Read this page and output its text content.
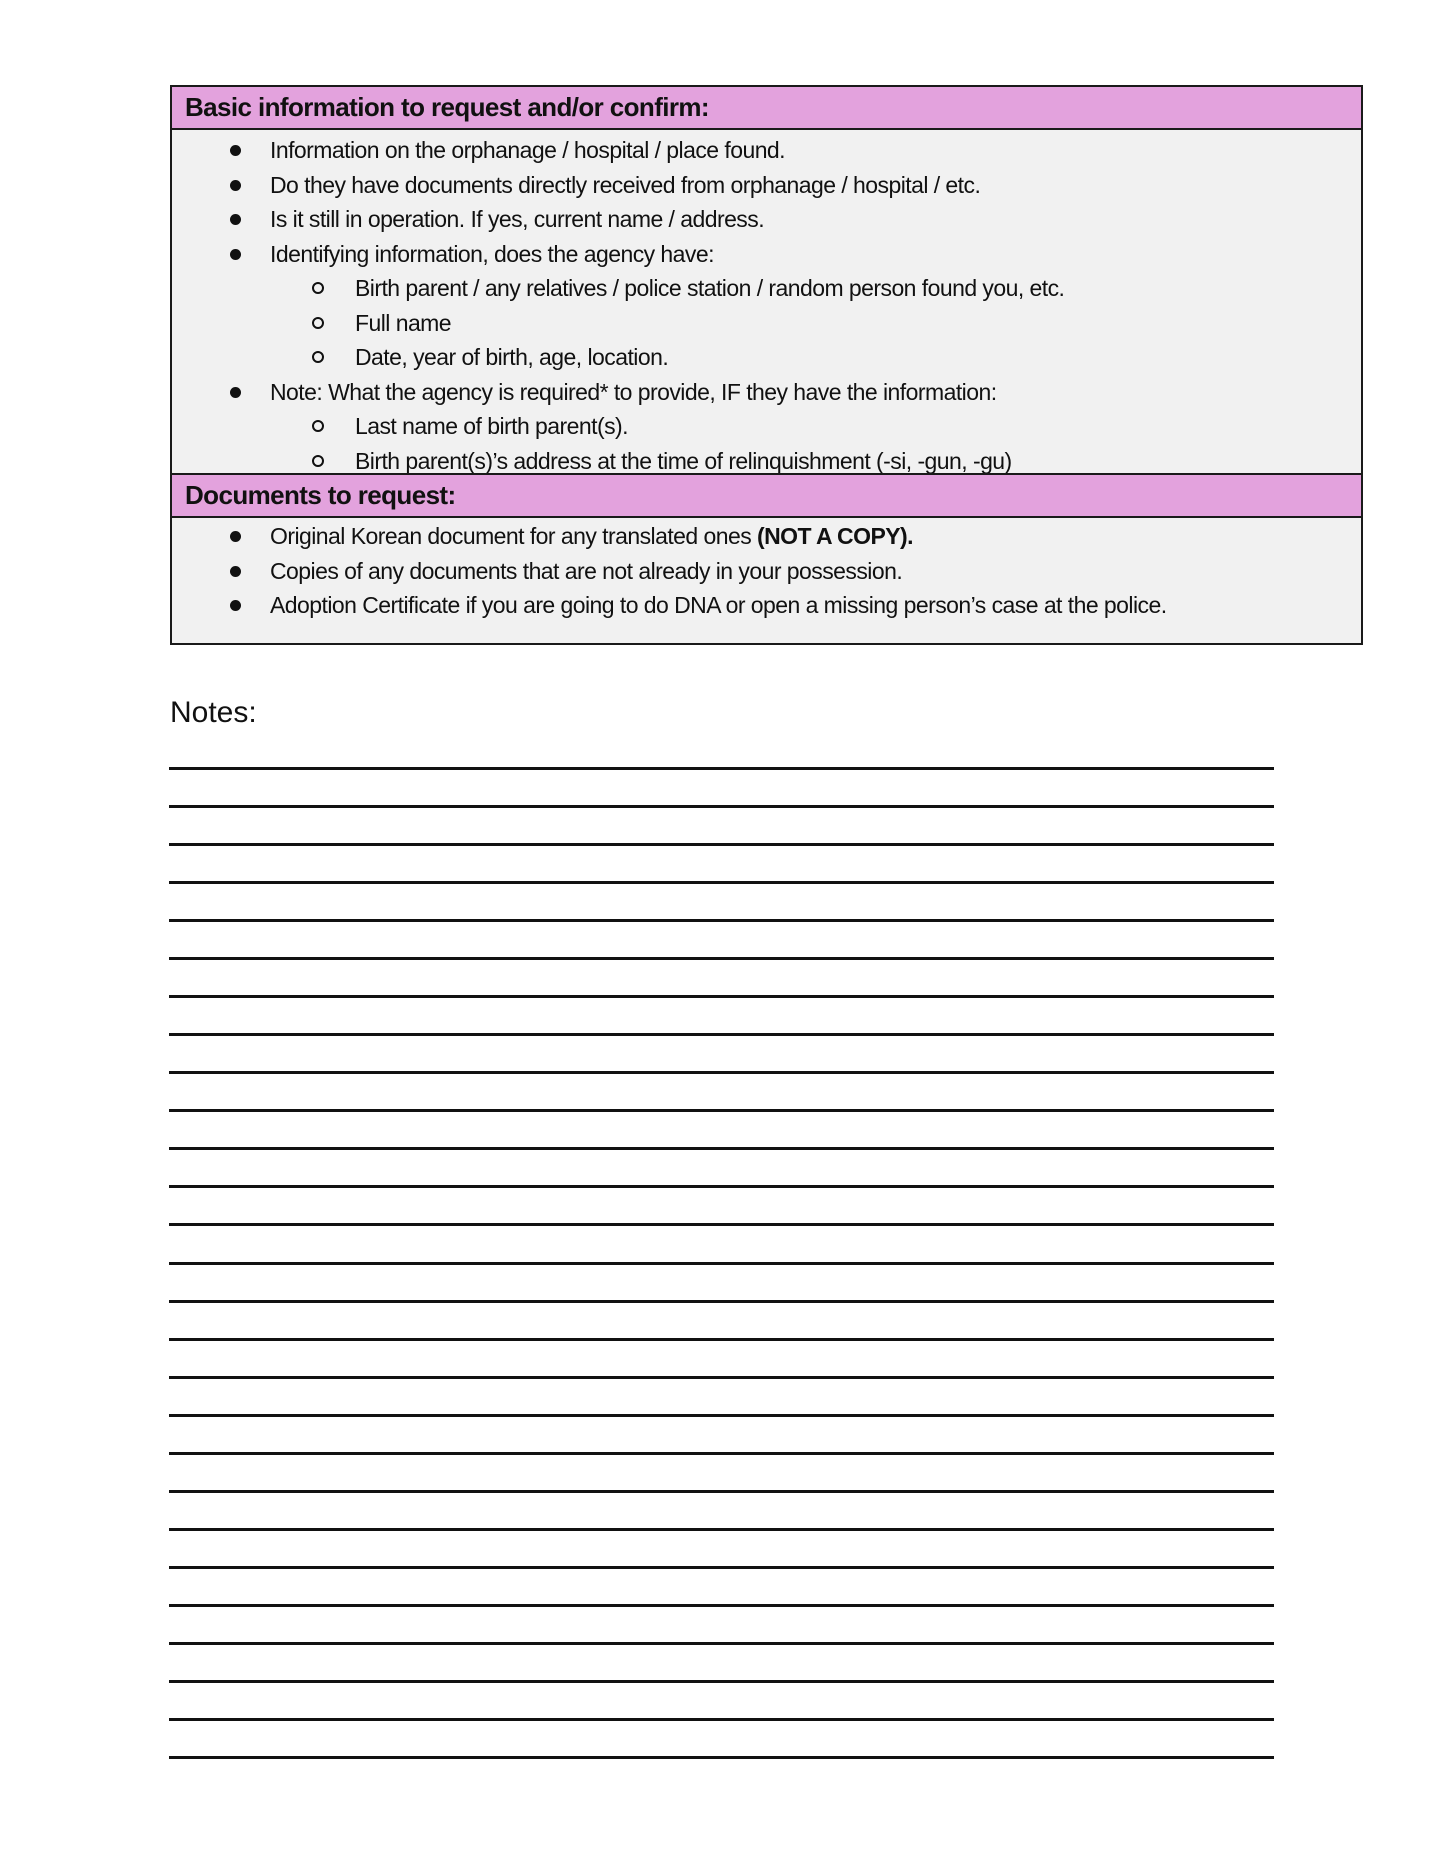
Basic information to request and/or confirm:
Information on the orphanage / hospital / place found.
Do they have documents directly received from orphanage / hospital / etc.
Is it still in operation. If yes, current name / address.
Identifying information, does the agency have:
Birth parent / any relatives / police station / random person found you, etc.
Full name
Date, year of birth, age, location.
Note: What the agency is required* to provide, IF they have the information:
Last name of birth parent(s).
Birth parent(s)’s address at the time of relinquishment (-si, -gun, -gu)
Documents to request:
Original Korean document for any translated ones (NOT A COPY).
Copies of any documents that are not already in your possession.
Adoption Certificate if you are going to do DNA or open a missing person’s case at the police.
Notes:
